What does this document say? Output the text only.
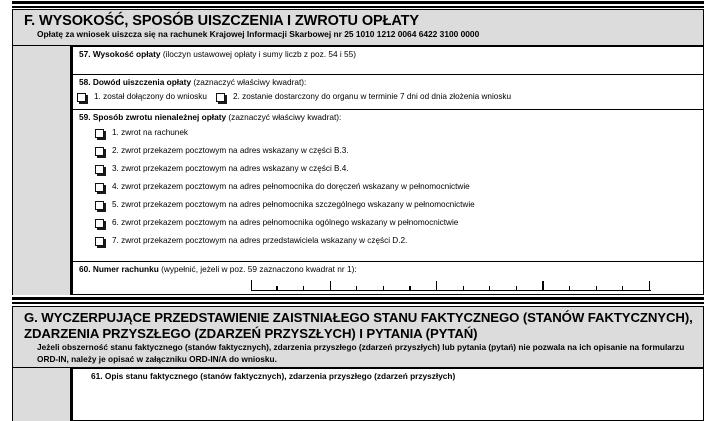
F. WYSOKOŚĆ, SPOSÓB UISZCZENIA I ZWROTU OPŁATY
Opłatę za wniosek uiszcza się na rachunek Krajowej Informacji Skarbowej nr 25 1010 1212 0064 6422 3100 0000
57. Wysokość opłaty (iloczyn ustawowej opłaty i sumy liczb z poz. 54 i 55)
58. Dowód uiszczenia opłaty (zaznaczyć właściwy kwadrat):
1. został dołączony do wniosku	2. zostanie dostarczony do organu w terminie 7 dni od dnia złożenia wniosku
59. Sposób zwrotu nienależnej opłaty (zaznaczyć właściwy kwadrat):
1. zwrot na rachunek
2. zwrot przekazem pocztowym na adres wskazany w części B.3.
3. zwrot przekazem pocztowym na adres wskazany w części B.4.
4. zwrot przekazem pocztowym na adres pełnomocnika do doręczeń wskazany w pełnomocnictwie
5. zwrot przekazem pocztowym na adres pełnomocnika szczególnego wskazany w pełnomocnictwie
6. zwrot przekazem pocztowym na adres pełnomocnika ogólnego wskazany w pełnomocnictwie
7. zwrot przekazem pocztowym na adres przedstawiciela wskazany w części D.2.
60. Numer rachunku (wypełnić, jeżeli w poz. 59 zaznaczono kwadrat nr 1):
G. WYCZERPUJĄCE PRZEDSTAWIENIE ZAISTNIAŁEGO STANU FAKTYCZNEGO (STANÓW FAKTYCZNYCH), ZDARZENIA PRZYSZŁEGO (ZDARZEŃ PRZYSZŁYCH) I PYTANIA (PYTAŃ)
Jeżeli obszerność stanu faktycznego (stanów faktycznych), zdarzenia przyszłego (zdarzeń przyszłych) lub pytania (pytań) nie pozwala na ich opisanie na formularzu ORD-IN, należy je opisać w załączniku ORD-IN/A do wniosku.
61. Opis stanu faktycznego (stanów faktycznych), zdarzenia przyszłego (zdarzeń przyszłych)
